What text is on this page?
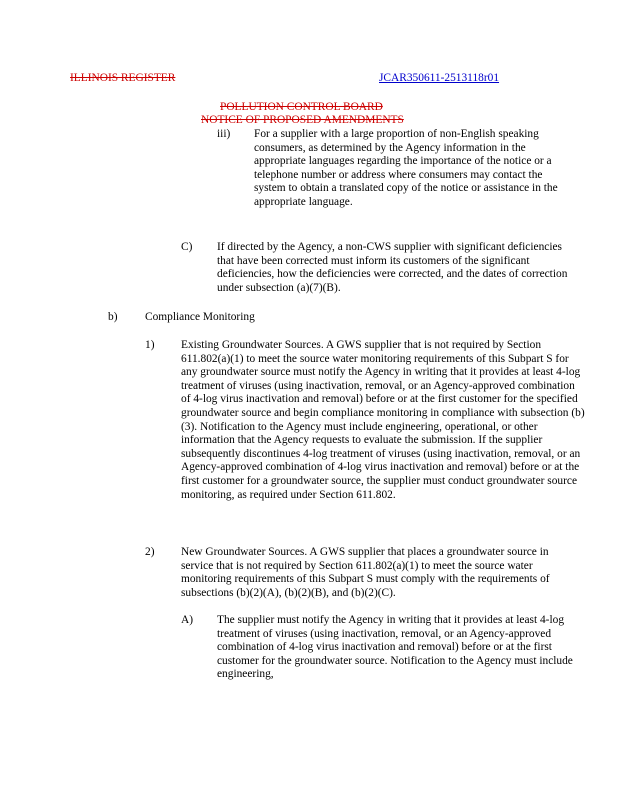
ILLINOIS REGISTER	JCAR350611-2513118r01
POLLUTION CONTROL BOARD
NOTICE OF PROPOSED AMENDMENTS
iii) For a supplier with a large proportion of non-English speaking consumers, as determined by the Agency information in the appropriate languages regarding the importance of the notice or a telephone number or address where consumers may contact the system to obtain a translated copy of the notice or assistance in the appropriate language.
C) If directed by the Agency, a non-CWS supplier with significant deficiencies that have been corrected must inform its customers of the significant deficiencies, how the deficiencies were corrected, and the dates of correction under subsection (a)(7)(B).
b) Compliance Monitoring
1) Existing Groundwater Sources. A GWS supplier that is not required by Section 611.802(a)(1) to meet the source water monitoring requirements of this Subpart S for any groundwater source must notify the Agency in writing that it provides at least 4-log treatment of viruses (using inactivation, removal, or an Agency-approved combination of 4-log virus inactivation and removal) before or at the first customer for the specified groundwater source and begin compliance monitoring in compliance with subsection (b)(3). Notification to the Agency must include engineering, operational, or other information that the Agency requests to evaluate the submission. If the supplier subsequently discontinues 4-log treatment of viruses (using inactivation, removal, or an Agency-approved combination of 4-log virus inactivation and removal) before or at the first customer for a groundwater source, the supplier must conduct groundwater source monitoring, as required under Section 611.802.
2) New Groundwater Sources. A GWS supplier that places a groundwater source in service that is not required by Section 611.802(a)(1) to meet the source water monitoring requirements of this Subpart S must comply with the requirements of subsections (b)(2)(A), (b)(2)(B), and (b)(2)(C).
A) The supplier must notify the Agency in writing that it provides at least 4-log treatment of viruses (using inactivation, removal, or an Agency-approved combination of 4-log virus inactivation and removal) before or at the first customer for the groundwater source. Notification to the Agency must include engineering,
